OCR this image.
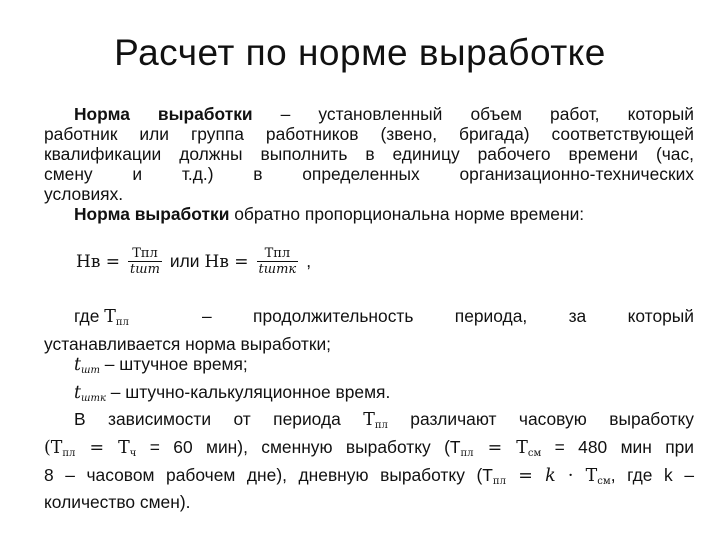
Расчет по норме выработке
Норма выработки – установленный объем работ, который
работник или группа работников (звено, бригада) соответствующей
квалификации должны выполнить в единицу рабочего времени (час,
смену и т.д.) в определенных организационно-технических
условиях.
Норма выработки обратно пропорциональна норме времени:
Нв = $\frac{\text{Тпл}}{\text{tшт}}$ или Нв = $\frac{\text{Тпл}}{\text{tштк}}$ ,
где $Т_{пл}$	– продолжительность периода, за который
устанавливается норма выработки;
$t_{шт}$ – штучное время;
$t_{штк}$ – штучно-калькуляционное время.
В зависимости от периода $Т_{пл}$ различают часовую выработку
($Т_{пл} = Т_ч = 60$ мин), сменную выработку ($Т_{пл} = Т_{см} = 480$ мин при
8 – часовом рабочем дне), дневную выработку ($Т_{пл} = k \cdot Т_{см}$, где k –
количество смен).
